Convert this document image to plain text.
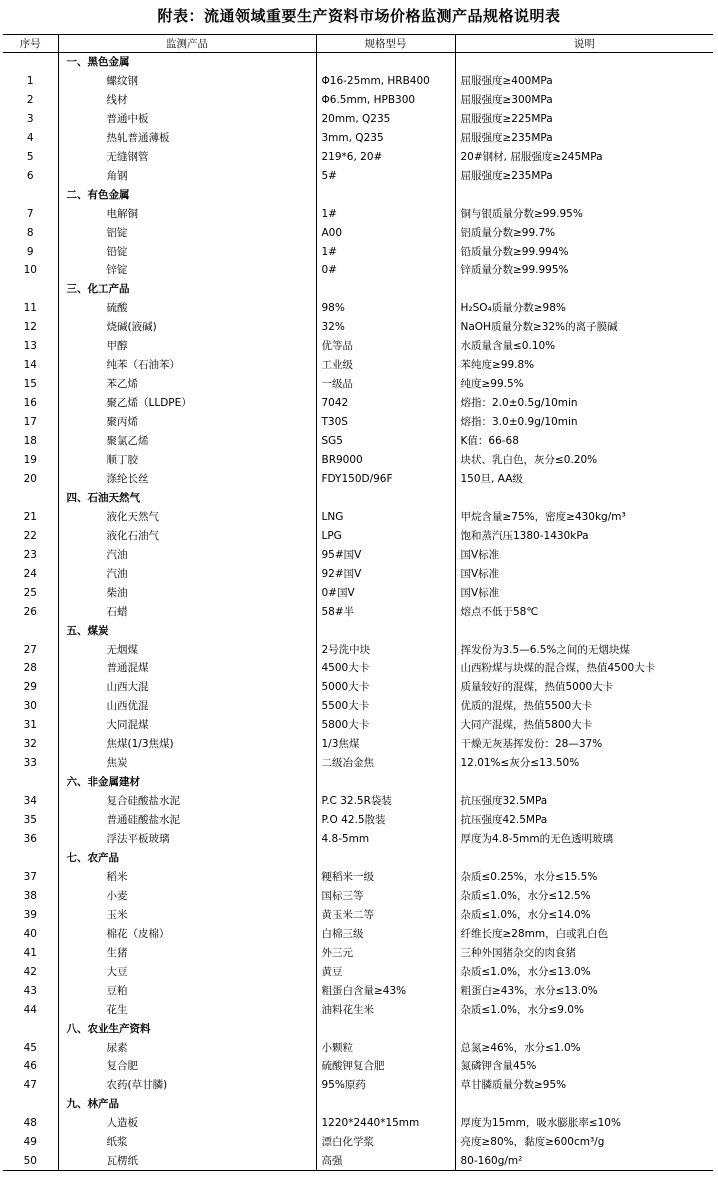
附表：流通领域重要生产资料市场价格监测产品规格说明表
序号	监测产品	规格型号	说明
	一、黑色金属		
1	螺纹钢	Φ16-25mm, HRB400	屈服强度≥400MPa
2	线材	Φ6.5mm, HPB300	屈服强度≥300MPa
3	普通中板	20mm, Q235	屈服强度≥225MPa
4	热轧普通薄板	3mm, Q235	屈服强度≥235MPa
5	无缝钢管	219*6, 20#	20#钢材, 屈服强度≥245MPa
6	角钢	5#	屈服强度≥235MPa
	二、有色金属		
7	电解铜	1#	铜与银质量分数≥99.95%
8	铝锭	A00	铝质量分数≥99.7%
9	铅锭	1#	铅质量分数≥99.994%
10	锌锭	0#	锌质量分数≥99.995%
	三、化工产品		
11	硫酸	98%	H₂SO₄质量分数≥98%
12	烧碱(液碱)	32%	NaOH质量分数≥32%的离子膜碱
13	甲醇	优等品	水质量含量≤0.10%
14	纯苯（石油苯）	工业级	苯纯度≥99.8%
15	苯乙烯	一级品	纯度≥99.5%
16	聚乙烯（LLDPE）	7042	熔指：2.0±0.5g/10min
17	聚丙烯	T30S	熔指：3.0±0.9g/10min
18	聚氯乙烯	SG5	K值：66-68
19	顺丁胶	BR9000	块状、乳白色，灰分≤0.20%
20	涤纶长丝	FDY150D/96F	150旦, AA级
	四、石油天然气		
21	液化天然气	LNG	甲烷含量≥75%，密度≥430kg/m³
22	液化石油气	LPG	饱和蒸汽压1380-1430kPa
23	汽油	95#国Ⅴ	国Ⅴ标准
24	汽油	92#国Ⅴ	国Ⅴ标准
25	柴油	0#国Ⅴ	国Ⅴ标准
26	石蜡	58#半	熔点不低于58℃
	五、煤炭		
27	无烟煤	2号洗中块	挥发份为3.5—6.5%之间的无烟块煤
28	普通混煤	4500大卡	山西粉煤与块煤的混合煤，热值4500大卡
29	山西大混	5000大卡	质量较好的混煤，热值5000大卡
30	山西优混	5500大卡	优质的混煤，热值5500大卡
31	大同混煤	5800大卡	大同产混煤，热值5800大卡
32	焦煤(1/3焦煤)	1/3焦煤	干燥无灰基挥发份：28—37%
33	焦炭	二级冶金焦	12.01%≤灰分≤13.50%
	六、非金属建材		
34	复合硅酸盐水泥	P.C 32.5R袋装	抗压强度32.5MPa
35	普通硅酸盐水泥	P.O 42.5散装	抗压强度42.5MPa
36	浮法平板玻璃	4.8-5mm	厚度为4.8-5mm的无色透明玻璃
	七、农产品		
37	稻米	粳稻米一级	杂质≤0.25%，水分≤15.5%
38	小麦	国标三等	杂质≤1.0%，水分≤12.5%
39	玉米	黄玉米二等	杂质≤1.0%，水分≤14.0%
40	棉花（皮棉）	白棉三级	纤维长度≥28mm，白或乳白色
41	生猪	外三元	三种外国猪杂交的肉食猪
42	大豆	黄豆	杂质≤1.0%，水分≤13.0%
43	豆粕	粗蛋白含量≥43%	粗蛋白≥43%，水分≤13.0%
44	花生	油料花生米	杂质≤1.0%，水分≤9.0%
	八、农业生产资料		
45	尿素	小颗粒	总氮≥46%，水分≤1.0%
46	复合肥	硫酸钾复合肥	氮磷钾含量45%
47	农药(草甘膦)	95%原药	草甘膦质量分数≥95%
	九、林产品		
48	人造板	1220*2440*15mm	厚度为15mm，吸水膨胀率≤10%
49	纸浆	漂白化学浆	亮度≥80%，黏度≥600cm³/g
50	瓦楞纸	高强	80-160g/m²
